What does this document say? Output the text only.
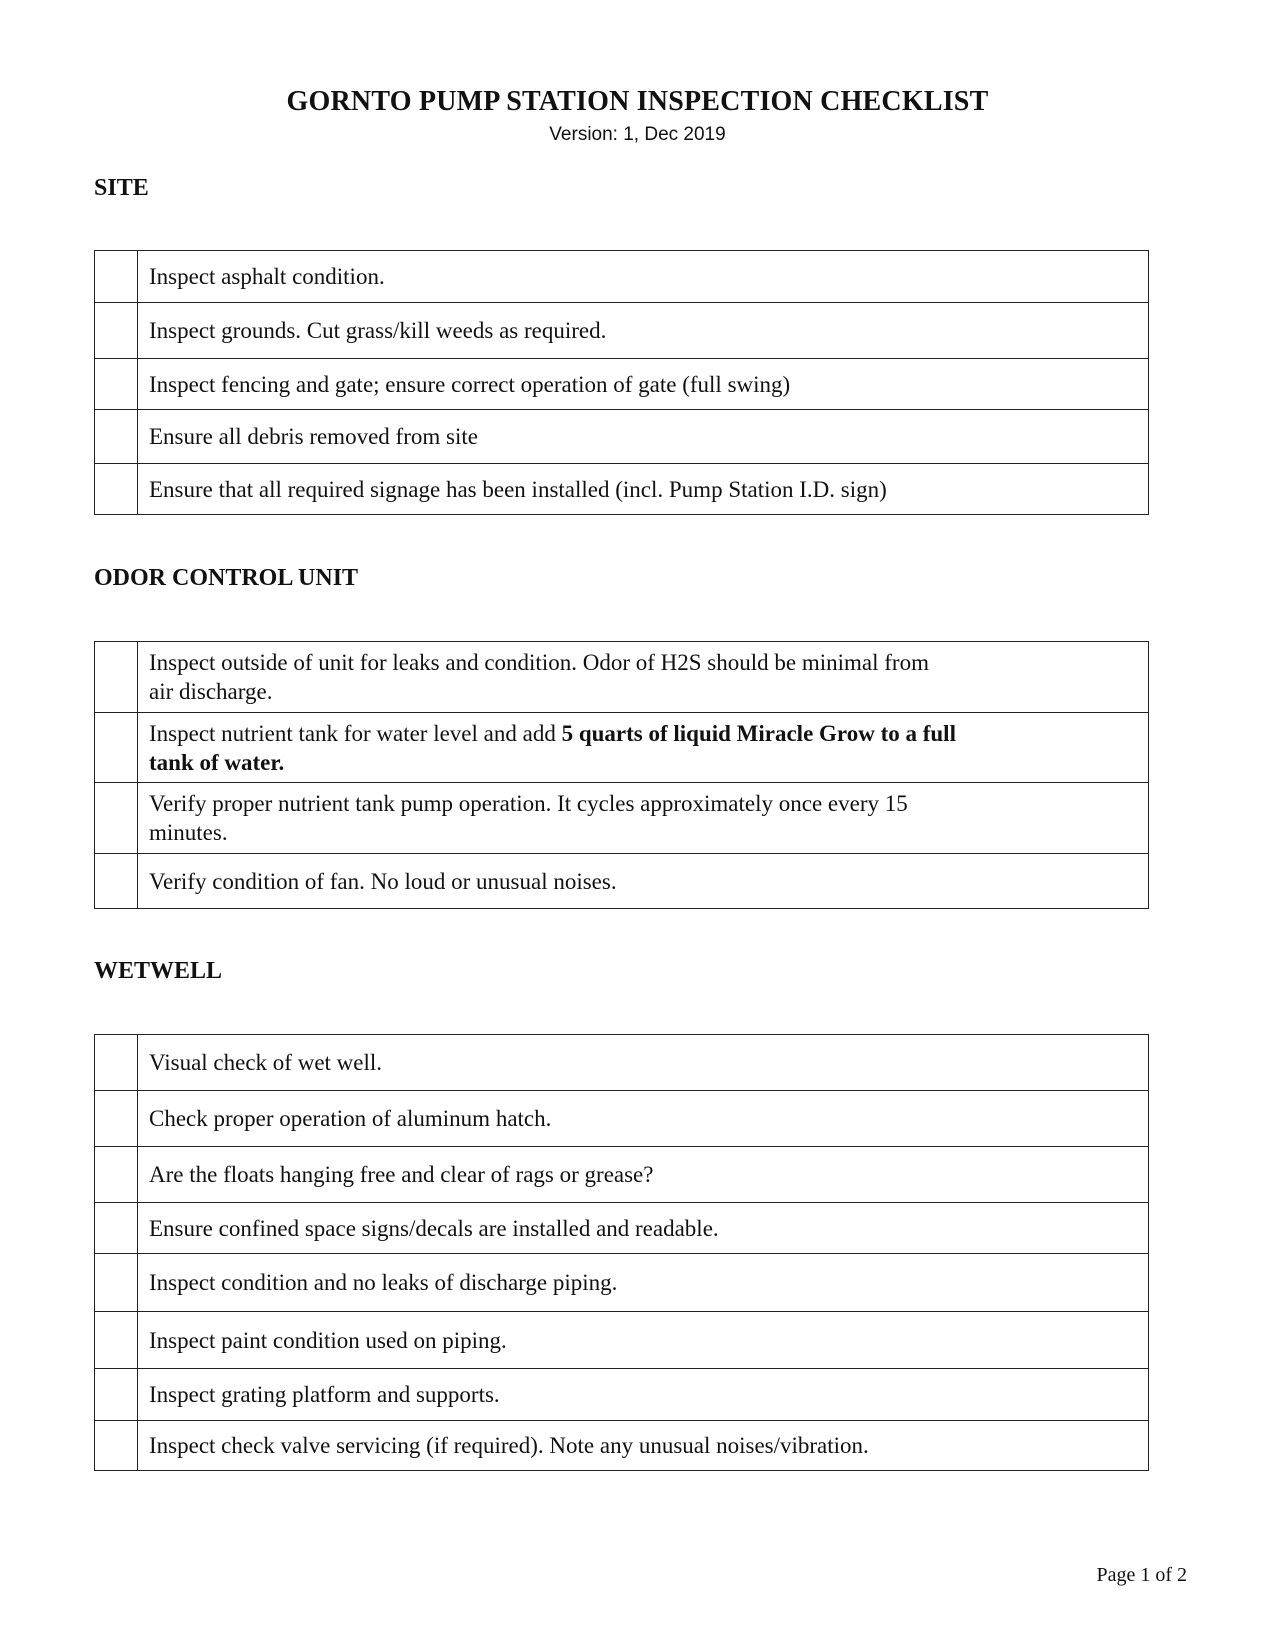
GORNTO PUMP STATION INSPECTION CHECKLIST
Version: 1, Dec 2019
SITE
	Inspect asphalt condition.
	Inspect grounds. Cut grass/kill weeds as required.
	Inspect fencing and gate; ensure correct operation of gate (full swing)
	Ensure all debris removed from site
	Ensure that all required signage has been installed (incl. Pump Station I.D. sign)
ODOR CONTROL UNIT
	Inspect outside of unit for leaks and condition. Odor of H2S should be minimal from air discharge.
	Inspect nutrient tank for water level and add 5 quarts of liquid Miracle Grow to a full tank of water.
	Verify proper nutrient tank pump operation. It cycles approximately once every 15 minutes.
	Verify condition of fan. No loud or unusual noises.
WETWELL
	Visual check of wet well.
	Check proper operation of aluminum hatch.
	Are the floats hanging free and clear of rags or grease?
	Ensure confined space signs/decals are installed and readable.
	Inspect condition and no leaks of discharge piping.
	Inspect paint condition used on piping.
	Inspect grating platform and supports.
	Inspect check valve servicing (if required). Note any unusual noises/vibration.
Page 1 of 2
